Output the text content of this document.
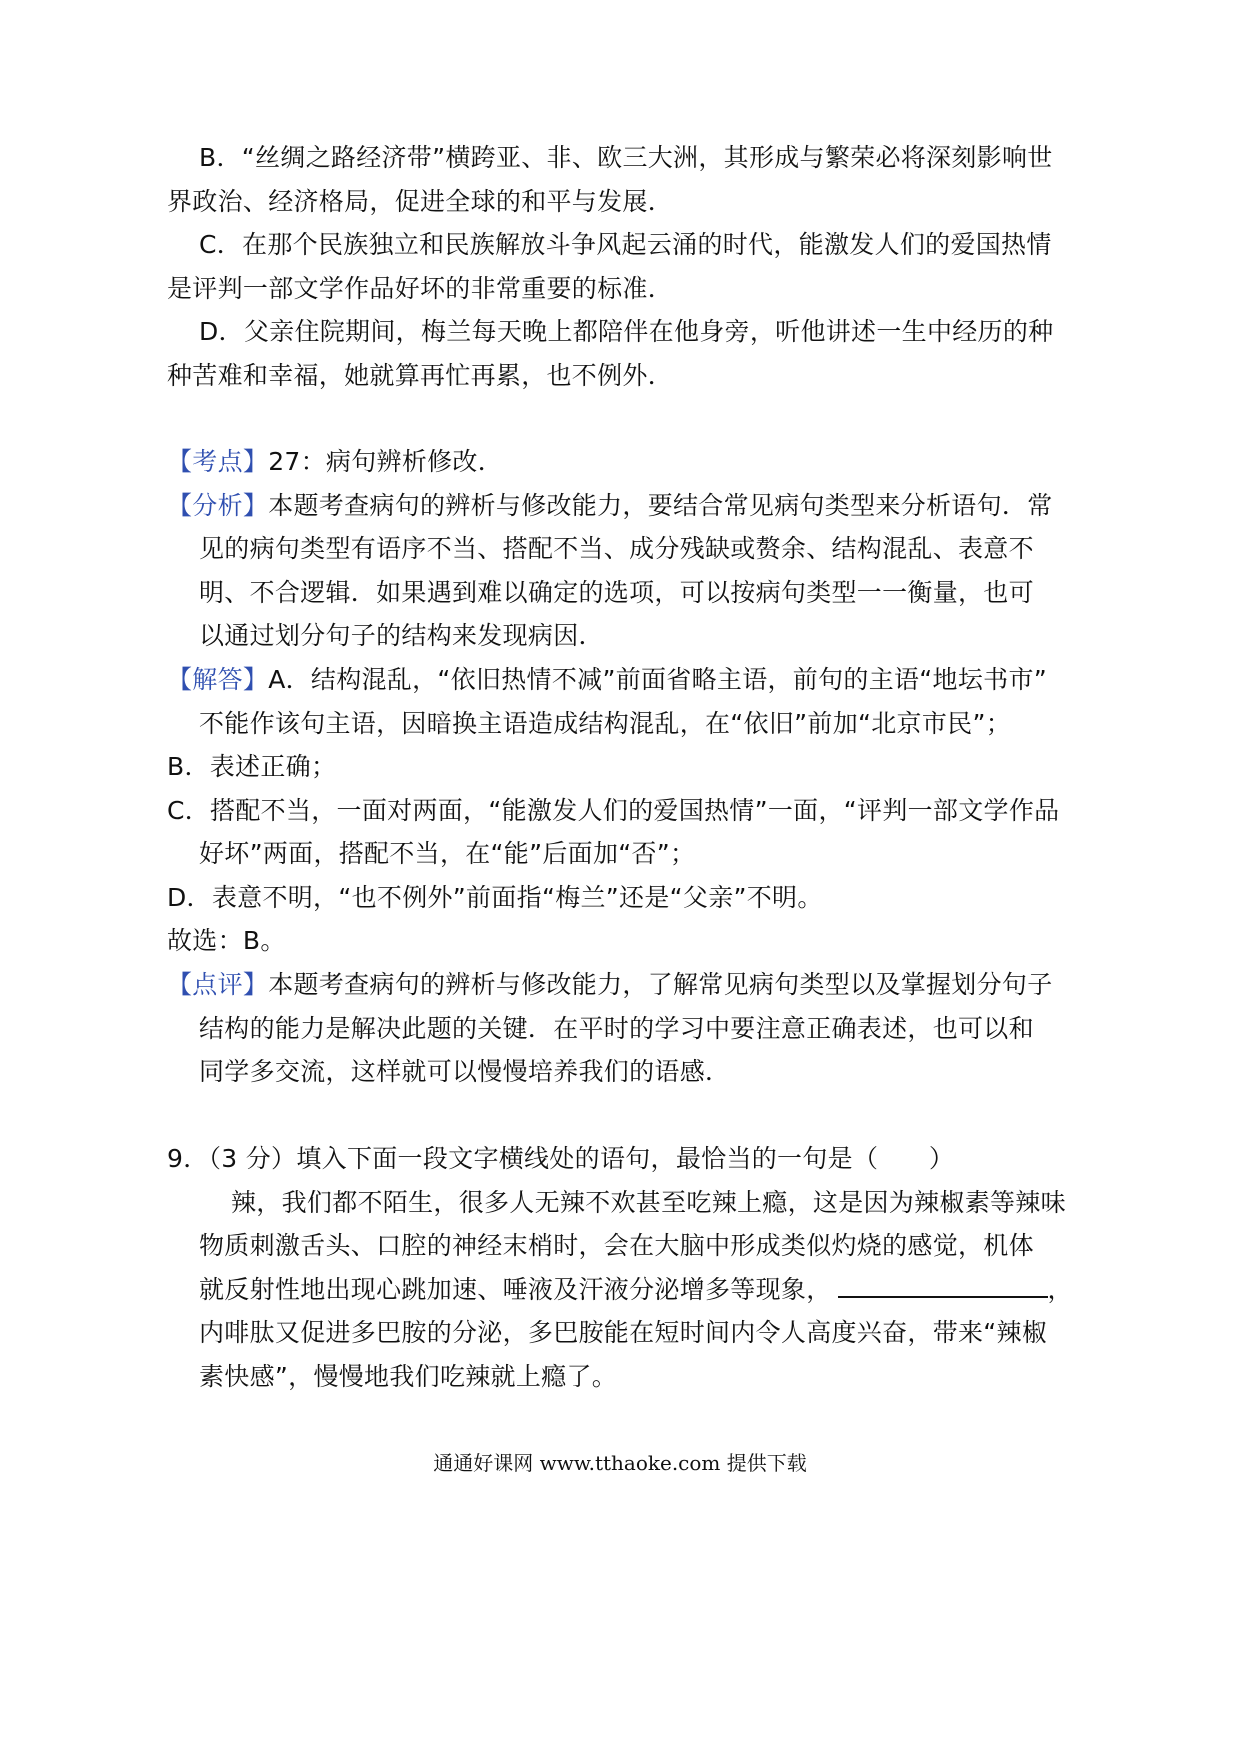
B．“丝绸之路经济带”横跨亚、非、欧三大洲，其形成与繁荣必将深刻影响世
界政治、经济格局，促进全球的和平与发展．
C．在那个民族独立和民族解放斗争风起云涌的时代，能激发人们的爱国热情
是评判一部文学作品好坏的非常重要的标准．
D．父亲住院期间，梅兰每天晚上都陪伴在他身旁，听他讲述一生中经历的种
种苦难和幸福，她就算再忙再累，也不例外．
【考点】27：病句辨析修改．
【分析】本题考查病句的辨析与修改能力，要结合常见病句类型来分析语句．常
见的病句类型有语序不当、搭配不当、成分残缺或赘余、结构混乱、表意不
明、不合逻辑．如果遇到难以确定的选项，可以按病句类型一一衡量，也可
以通过划分句子的结构来发现病因．
【解答】A．结构混乱，“依旧热情不减”前面省略主语，前句的主语“地坛书市”
不能作该句主语，因暗换主语造成结构混乱，在“依旧”前加“北京市民”；
B．表述正确；
C．搭配不当，一面对两面，“能激发人们的爱国热情”一面，“评判一部文学作品
好坏”两面，搭配不当，在“能”后面加“否”；
D．表意不明，“也不例外”前面指“梅兰”还是“父亲”不明。
故选：B。
【点评】本题考查病句的辨析与修改能力，了解常见病句类型以及掌握划分句子
结构的能力是解决此题的关键．在平时的学习中要注意正确表述，也可以和
同学多交流，这样就可以慢慢培养我们的语感．
9．（3 分）填入下面一段文字横线处的语句，最恰当的一句是（　　）
辣，我们都不陌生，很多人无辣不欢甚至吃辣上瘾，这是因为辣椒素等辣味
物质刺激舌头、口腔的神经末梢时，会在大脑中形成类似灼烧的感觉，机体
就反射性地出现心跳加速、唾液及汗液分泌增多等现象，	，
内啡肽又促进多巴胺的分泌，多巴胺能在短时间内令人高度兴奋，带来“辣椒
素快感”，慢慢地我们吃辣就上瘾了。
通通好课网 www.tthaoke.com 提供下载
